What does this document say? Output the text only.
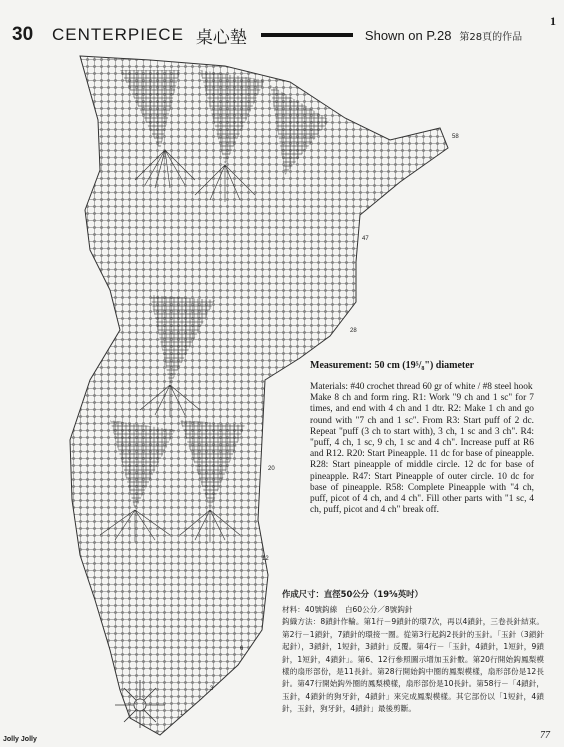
30	CENTERPIECE 桌心墊	Shown on P.28 第28頁的作品
1
58
47
28
20
12
6
3
1
Measurement: 50 cm (19⁵/₈") diameter

Materials: #40 crochet thread 60 gr of white / #8 steel hook

Make 8 ch and form ring. R1: Work "9 ch and 1 sc" for 7 times, and end with 4 ch and 1 dtr. R2: Make 1 ch and go round with "7 ch and 1 sc". From R3: Start puff of 2 dc. Repeat "puff (3 ch to start with), 3 ch, 1 sc and 3 ch". R4: "puff, 4 ch, 1 sc, 9 ch, 1 sc and 4 ch". Increase puff at R6 and R12. R20: Start Pineapple. 11 dc for base of pineapple. R28: Start pineapple of middle circle. 12 dc for base of pineapple. R47: Start Pineapple of outer circle. 10 dc for base of pineapple. R58: Complete Pineapple with "4 ch, puff, picot of 4 ch, and 4 ch". Fill other parts with "1 sc, 4 ch, puff, picot and 4 ch" break off.

作成尺寸：直徑50公分（19⅝英吋）

材料：40號鈎線　白60公分／8號鈎針

鈎織方法：8鎖針作輪。第1行－9鎖針的環7次，再以4鎖針，三卷長針結束。第2行－1鎖針，7鎖針的環接一圈。從第3行起鈎2長針的玉針。「玉針（3鎖針起針），3鎖針，1短針，3鎖針」反覆。第4行－「玉針，4鎖針，1短針，9鎖針，1短針，4鎖針」。第6、12行參照圖示增加玉針數。第20行開始鈎鳳梨模樣的扇形部份，是11長針。第28行開始鈎中圈的鳳梨模樣，扇形部份是12長針。第47行開始鈎外圈的鳳梨模樣，扇形部份是10長針。第58行－「4鎖針，玉針，4鎖針的狗牙針，4鎖針」來完成鳳梨模樣。其它部份以「1短針，4鎖針，玉針，狗牙針，4鎖針」最後剪斷。

Jolly Jolly	77
